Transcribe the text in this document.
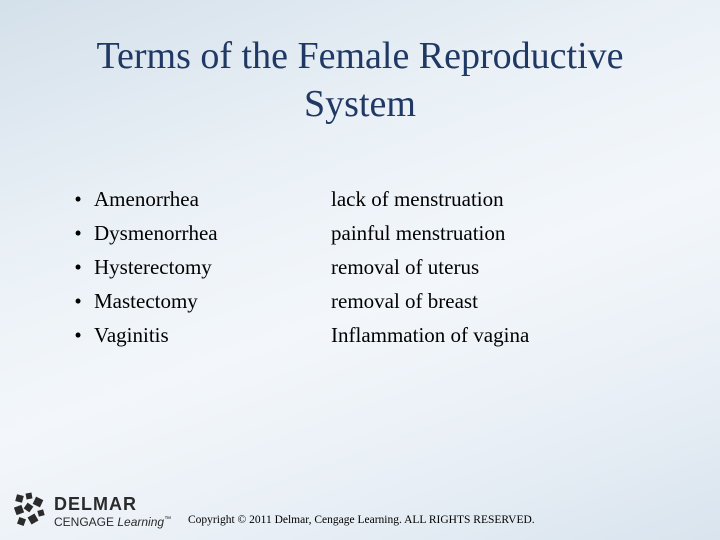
Terms of the Female Reproductive System
• Amenorrhea	lack of menstruation
• Dysmenorrhea	painful menstruation
• Hysterectomy	removal of uterus
• Mastectomy	removal of breast
• Vaginitis	Inflammation of vagina
DELMAR
CENGAGE Learning™ Copyright © 2011 Delmar, Cengage Learning. ALL RIGHTS RESERVED.
